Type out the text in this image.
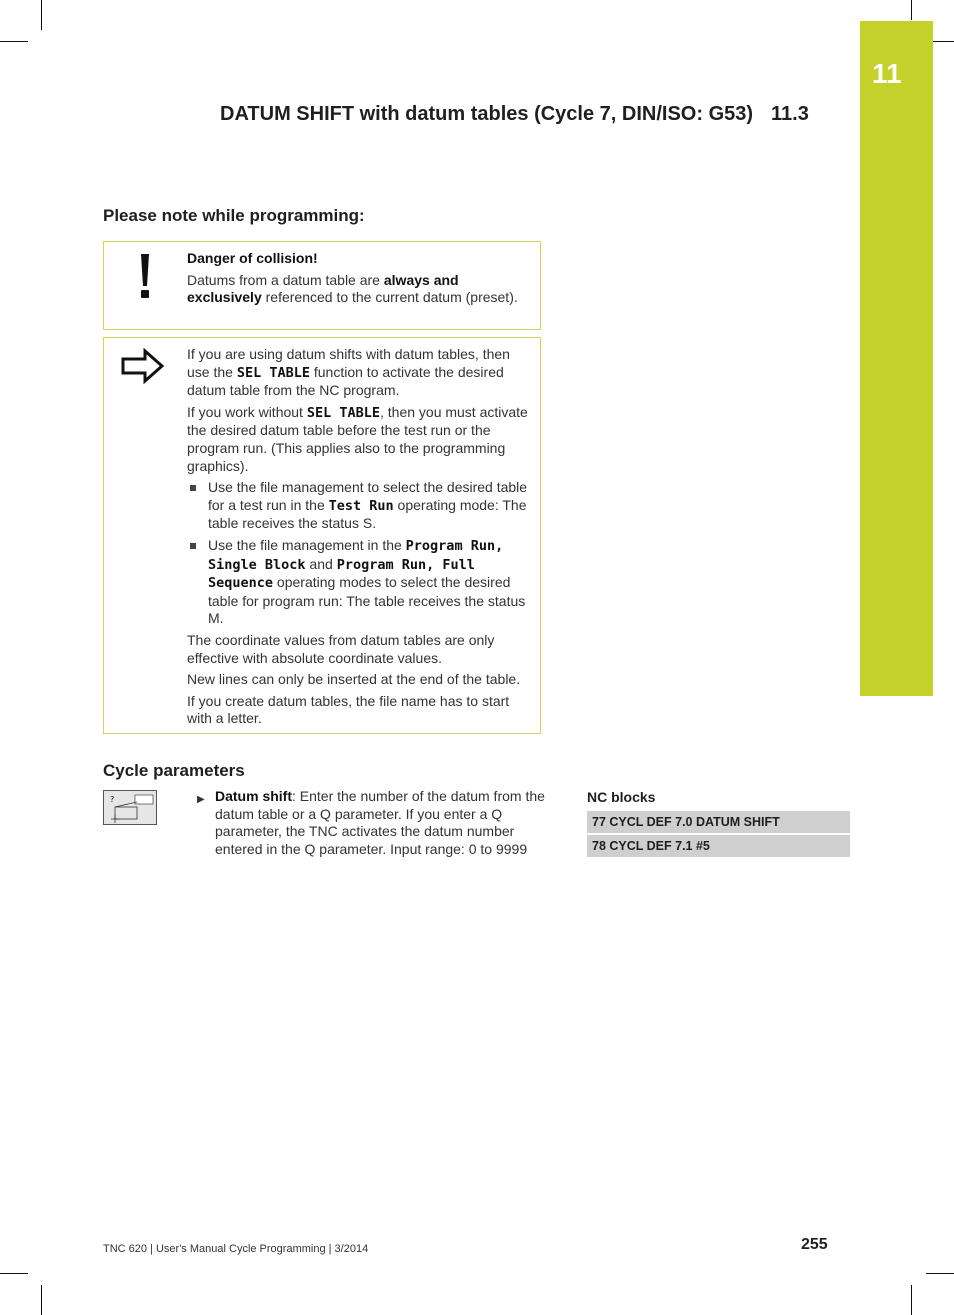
11
DATUM SHIFT with datum tables (Cycle 7, DIN/ISO: G53) 11.3
Please note while programming:

Danger of collision!

Datums from a datum table are always and exclusively referenced to the current datum (preset).

If you are using datum shifts with datum tables, then use the SEL TABLE function to activate the desired datum table from the NC program.

If you work without SEL TABLE, then you must activate the desired datum table before the test run or the program run. (This applies also to the programming graphics).

Use the file management to select the desired table for a test run in the Test Run operating mode: The table receives the status S.
Use the file management in the Program Run, Single Block and Program Run, Full Sequence operating modes to select the desired table for program run: The table receives the status M.

The coordinate values from datum tables are only effective with absolute coordinate values.

New lines can only be inserted at the end of the table.

If you create datum tables, the file name has to start with a letter.

Cycle parameters
?	▶ Datum shift: Enter the number of the datum from the datum table or a Q parameter. If you enter a Q parameter, the TNC activates the datum number entered in the Q parameter. Input range: 0 to 9999
NC blocks
77 CYCL DEF 7.0 DATUM SHIFT
78 CYCL DEF 7.1 #5
TNC 620 | User's Manual Cycle Programming | 3/2014	255
